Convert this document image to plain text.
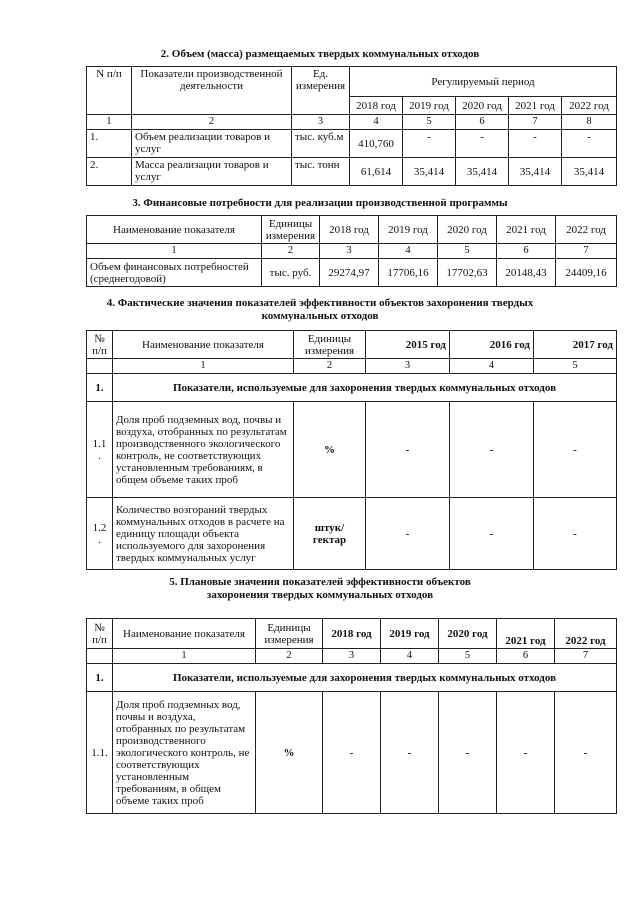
2. Объем (масса) размещаемых твердых коммунальных отходов
N п/п	Показатели производственной деятельности	Ед. измерения	Регулируемый период				
			2018 год	2019 год	2020 год	2021 год	2022 год
1	2	3	4	5	6	7	8
1.	Объем реализации товаров и услуг	тыс. куб.м	410,760	-	-	-	-
2.	Масса реализации товаров и услуг	тыс. тонн	61,614	35,414	35,414	35,414	35,414
3. Финансовые потребности для реализации производственной программы
Наименование показателя	Единицы измерения	2018 год	2019 год	2020 год	2021 год	2022 год
1	2	3	4	5	6	7
Объем финансовых потребностей (среднегодовой)	тыс. руб.	29274,97	17706,16	17702,63	20148,43	24409,16
4. Фактические значения показателей эффективности объектов захоронения твердых
коммунальных отходов
№ п/п	Наименование показателя	Единицы измерения	2015 год	2016 год	2017 год
	1	2	3	4	5
1.	Показатели, используемые для захоронения твердых коммунальных отходов				
1.1 .	Доля проб подземных вод, почвы и воздуха, отобранных по результатам производственного экологического контроль, не соответствующих установленным требованиям, в общем объеме таких проб	%	-	-	-
1.2 .	Количество возгораний твердых коммунальных отходов в расчете на единицу площади объекта используемого для захоронения твердых коммунальных услуг	штук/ гектар	-	-	-
5. Плановые значения показателей эффективности объектов
захоронения твердых коммунальных отходов
№ п/п	Наименование показателя	Единицы измерения	2018 год	2019 год	2020 год	2021 год	2022 год
	1	2	3	4	5	6	7
1.	Показатели, используемые для захоронения твердых коммунальных отходов						
1.1.	Доля проб подземных вод, почвы и воздуха, отобранных по результатам производственного экологического контроль, не соответствующих установленным требованиям, в общем объеме таких проб	%	-	-	-	-	-
